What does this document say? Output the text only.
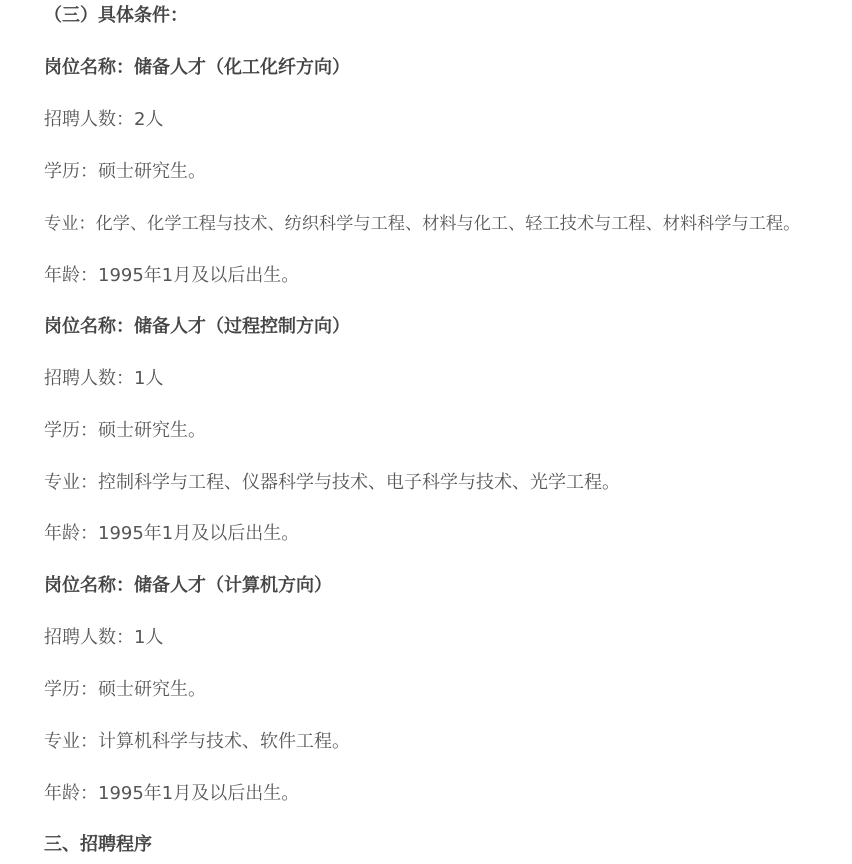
（三）具体条件：
岗位名称：储备人才（化工化纤方向）
招聘人数：2人
学历：硕士研究生。
专业：化学、化学工程与技术、纺织科学与工程、材料与化工、轻工技术与工程、材料科学与工程。
年龄：1995年1月及以后出生。
岗位名称：储备人才（过程控制方向）
招聘人数：1人
学历：硕士研究生。
专业：控制科学与工程、仪器科学与技术、电子科学与技术、光学工程。
年龄：1995年1月及以后出生。
岗位名称：储备人才（计算机方向）
招聘人数：1人
学历：硕士研究生。
专业：计算机科学与技术、软件工程。
年龄：1995年1月及以后出生。
三、招聘程序
